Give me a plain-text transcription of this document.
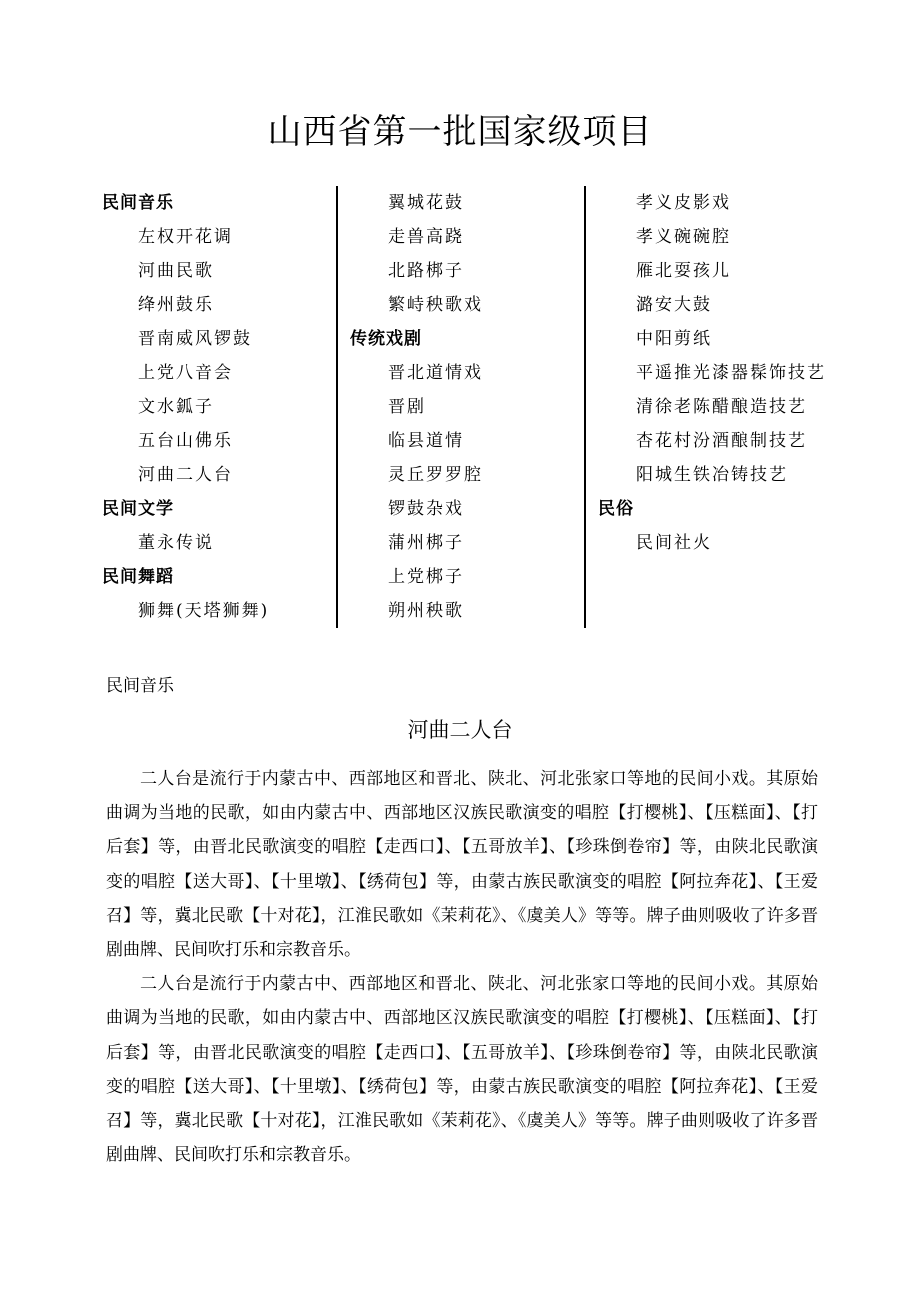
山西省第一批国家级项目
民间音乐
左权开花调
河曲民歌
绛州鼓乐
晋南威风锣鼓
上党八音会
文水鈲子
五台山佛乐
河曲二人台
民间文学
董永传说
民间舞蹈
狮舞(天塔狮舞)
翼城花鼓
走兽高跷
北路梆子
繁峙秧歌戏
传统戏剧
晋北道情戏
晋剧
临县道情
灵丘罗罗腔
锣鼓杂戏
蒲州梆子
上党梆子
朔州秧歌
孝义皮影戏
孝义碗碗腔
雁北耍孩儿
潞安大鼓
中阳剪纸
平遥推光漆器髹饰技艺
清徐老陈醋酿造技艺
杏花村汾酒酿制技艺
阳城生铁冶铸技艺
民俗
民间社火
民间音乐
河曲二人台

二人台是流行于内蒙古中、西部地区和晋北、陕北、河北张家口等地的民间小戏。其原始曲调为当地的民歌，如由内蒙古中、西部地区汉族民歌演变的唱腔【打樱桃】、【压糕面】、【打后套】等，由晋北民歌演变的唱腔【走西口】、【五哥放羊】、【珍珠倒卷帘】等，由陕北民歌演变的唱腔【送大哥】、【十里墩】、【绣荷包】等，由蒙古族民歌演变的唱腔【阿拉奔花】、【王爱召】等，冀北民歌【十对花】，江淮民歌如《茉莉花》、《虞美人》等等。牌子曲则吸收了许多晋剧曲牌、民间吹打乐和宗教音乐。

二人台是流行于内蒙古中、西部地区和晋北、陕北、河北张家口等地的民间小戏。其原始曲调为当地的民歌，如由内蒙古中、西部地区汉族民歌演变的唱腔【打樱桃】、【压糕面】、【打后套】等，由晋北民歌演变的唱腔【走西口】、【五哥放羊】、【珍珠倒卷帘】等，由陕北民歌演变的唱腔【送大哥】、【十里墩】、【绣荷包】等，由蒙古族民歌演变的唱腔【阿拉奔花】、【王爱召】等，冀北民歌【十对花】，江淮民歌如《茉莉花》、《虞美人》等等。牌子曲则吸收了许多晋剧曲牌、民间吹打乐和宗教音乐。
